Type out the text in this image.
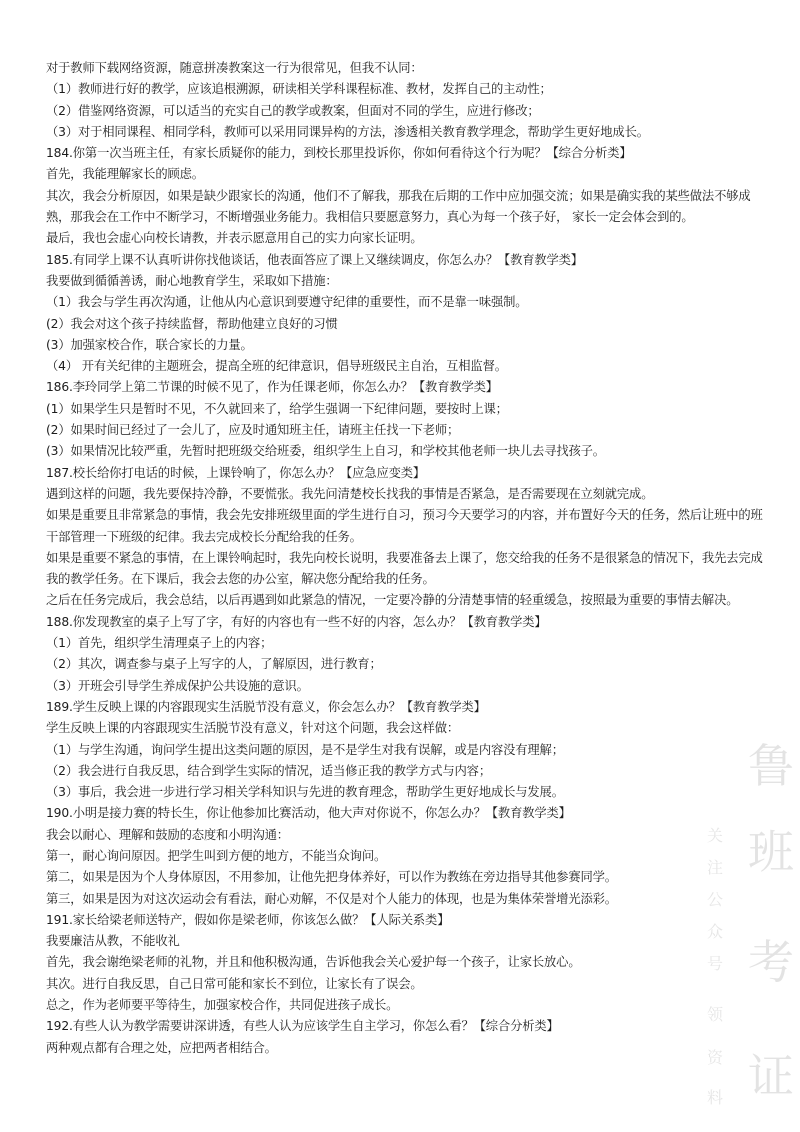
对于教师下载网络资源，随意拼凑教案这一行为很常见，但我不认同：
（1）教师进行好的教学，应该追根溯源，研读相关学科课程标准、教材，发挥自己的主动性；
（2）借鉴网络资源，可以适当的充实自己的教学或教案，但面对不同的学生，应进行修改；
（3）对于相同课程、相同学科，教师可以采用同课异构的方法，渗透相关教育教学理念，帮助学生更好地成长。
184.你第一次当班主任，有家长质疑你的能力，到校长那里投诉你，你如何看待这个行为呢？【综合分析类】
首先，我能理解家长的顾虑。
其次，我会分析原因，如果是缺少跟家长的沟通，他们不了解我，那我在后期的工作中应加强交流；如果是确实我的某些做法不够成熟，那我会在工作中不断学习，不断增强业务能力。我相信只要愿意努力，真心为每一个孩子好， 家长一定会体会到的。
最后，我也会虚心向校长请教，并表示愿意用自己的实力向家长证明。
185.有同学上课不认真听讲你找他谈话，他表面答应了课上又继续调皮，你怎么办？【教育教学类】
我要做到循循善诱，耐心地教育学生，采取如下措施：
（1）我会与学生再次沟通，让他从内心意识到要遵守纪律的重要性，而不是靠一味强制。
(2）我会对这个孩子持续监督，帮助他建立良好的习惯
(3）加强家校合作，联合家长的力量。
（4） 开有关纪律的主题班会，提高全班的纪律意识，倡导班级民主自治，互相监督。
186.李玲同学上第二节课的时候不见了，作为任课老师，你怎么办？【教育教学类】
(1）如果学生只是暂时不见，不久就回来了，给学生强调一下纪律问题，要按时上课；
(2）如果时间已经过了一会儿了，应及时通知班主任，请班主任找一下老师；
(3）如果情况比较严重，先暂时把班级交给班委，组织学生上自习，和学校其他老师一块儿去寻找孩子。
187.校长给你打电话的时候，上课铃响了，你怎么办？【应急应变类】
遇到这样的问题，我先要保持冷静，不要慌张。我先问清楚校长找我的事情是否紧急，是否需要现在立刻就完成。
如果是重要且非常紧急的事情，我会先安排班级里面的学生进行自习，预习今天要学习的内容，并布置好今天的任务，然后让班中的班干部管理一下班级的纪律。我去完成校长分配给我的任务。
如果是重要不紧急的事情，在上课铃响起时，我先向校长说明，我要准备去上课了，您交给我的任务不是很紧急的情况下，我先去完成我的教学任务。在下课后，我会去您的办公室，解决您分配给我的任务。
之后在任务完成后，我会总结，以后再遇到如此紧急的情况，一定要冷静的分清楚事情的轻重缓急，按照最为重要的事情去解决。
188.你发现教室的桌子上写了字，有好的内容也有一些不好的内容，怎么办？【教育教学类】
（1）首先，组织学生清理桌子上的内容；
（2）其次，调查参与桌子上写字的人，了解原因，进行教育；
（3）开班会引导学生养成保护公共设施的意识。
189.学生反映上课的内容跟现实生活脱节没有意义，你会怎么办？【教育教学类】
学生反映上课的内容跟现实生活脱节没有意义，针对这个问题，我会这样做：
（1）与学生沟通，询问学生提出这类问题的原因，是不是学生对我有误解，或是内容没有理解；
（2）我会进行自我反思，结合到学生实际的情况，适当修正我的教学方式与内容；
（3）事后，我会进一步进行学习相关学科知识与先进的教育理念，帮助学生更好地成长与发展。
190.小明是接力赛的特长生，你让他参加比赛活动，他大声对你说不，你怎么办？【教育教学类】
我会以耐心、理解和鼓励的态度和小明沟通：
第一，耐心询问原因。把学生叫到方便的地方，不能当众询问。
第二，如果是因为个人身体原因，不用参加，让他先把身体养好，可以作为教练在旁边指导其他参赛同学。
第三，如果是因为对这次运动会有看法，耐心劝解，不仅是对个人能力的体现，也是为集体荣誉增光添彩。
191.家长给梁老师送特产，假如你是梁老师，你该怎么做？【人际关系类】
我要廉洁从教，不能收礼
首先，我会谢绝梁老师的礼物，并且和他积极沟通，告诉他我会关心爱护每一个孩子，让家长放心。
其次。进行自我反思，自己日常可能和家长不到位，让家长有了误会。
总之，作为老师要平等待生，加强家校合作，共同促进孩子成长。
192.有些人认为教学需要讲深讲透，有些人认为应该学生自主学习，你怎么看？【综合分析类】
两种观点都有合理之处，应把两者相结合。
鲁
班
考
证
关
注
公
众
号
领
资
料
